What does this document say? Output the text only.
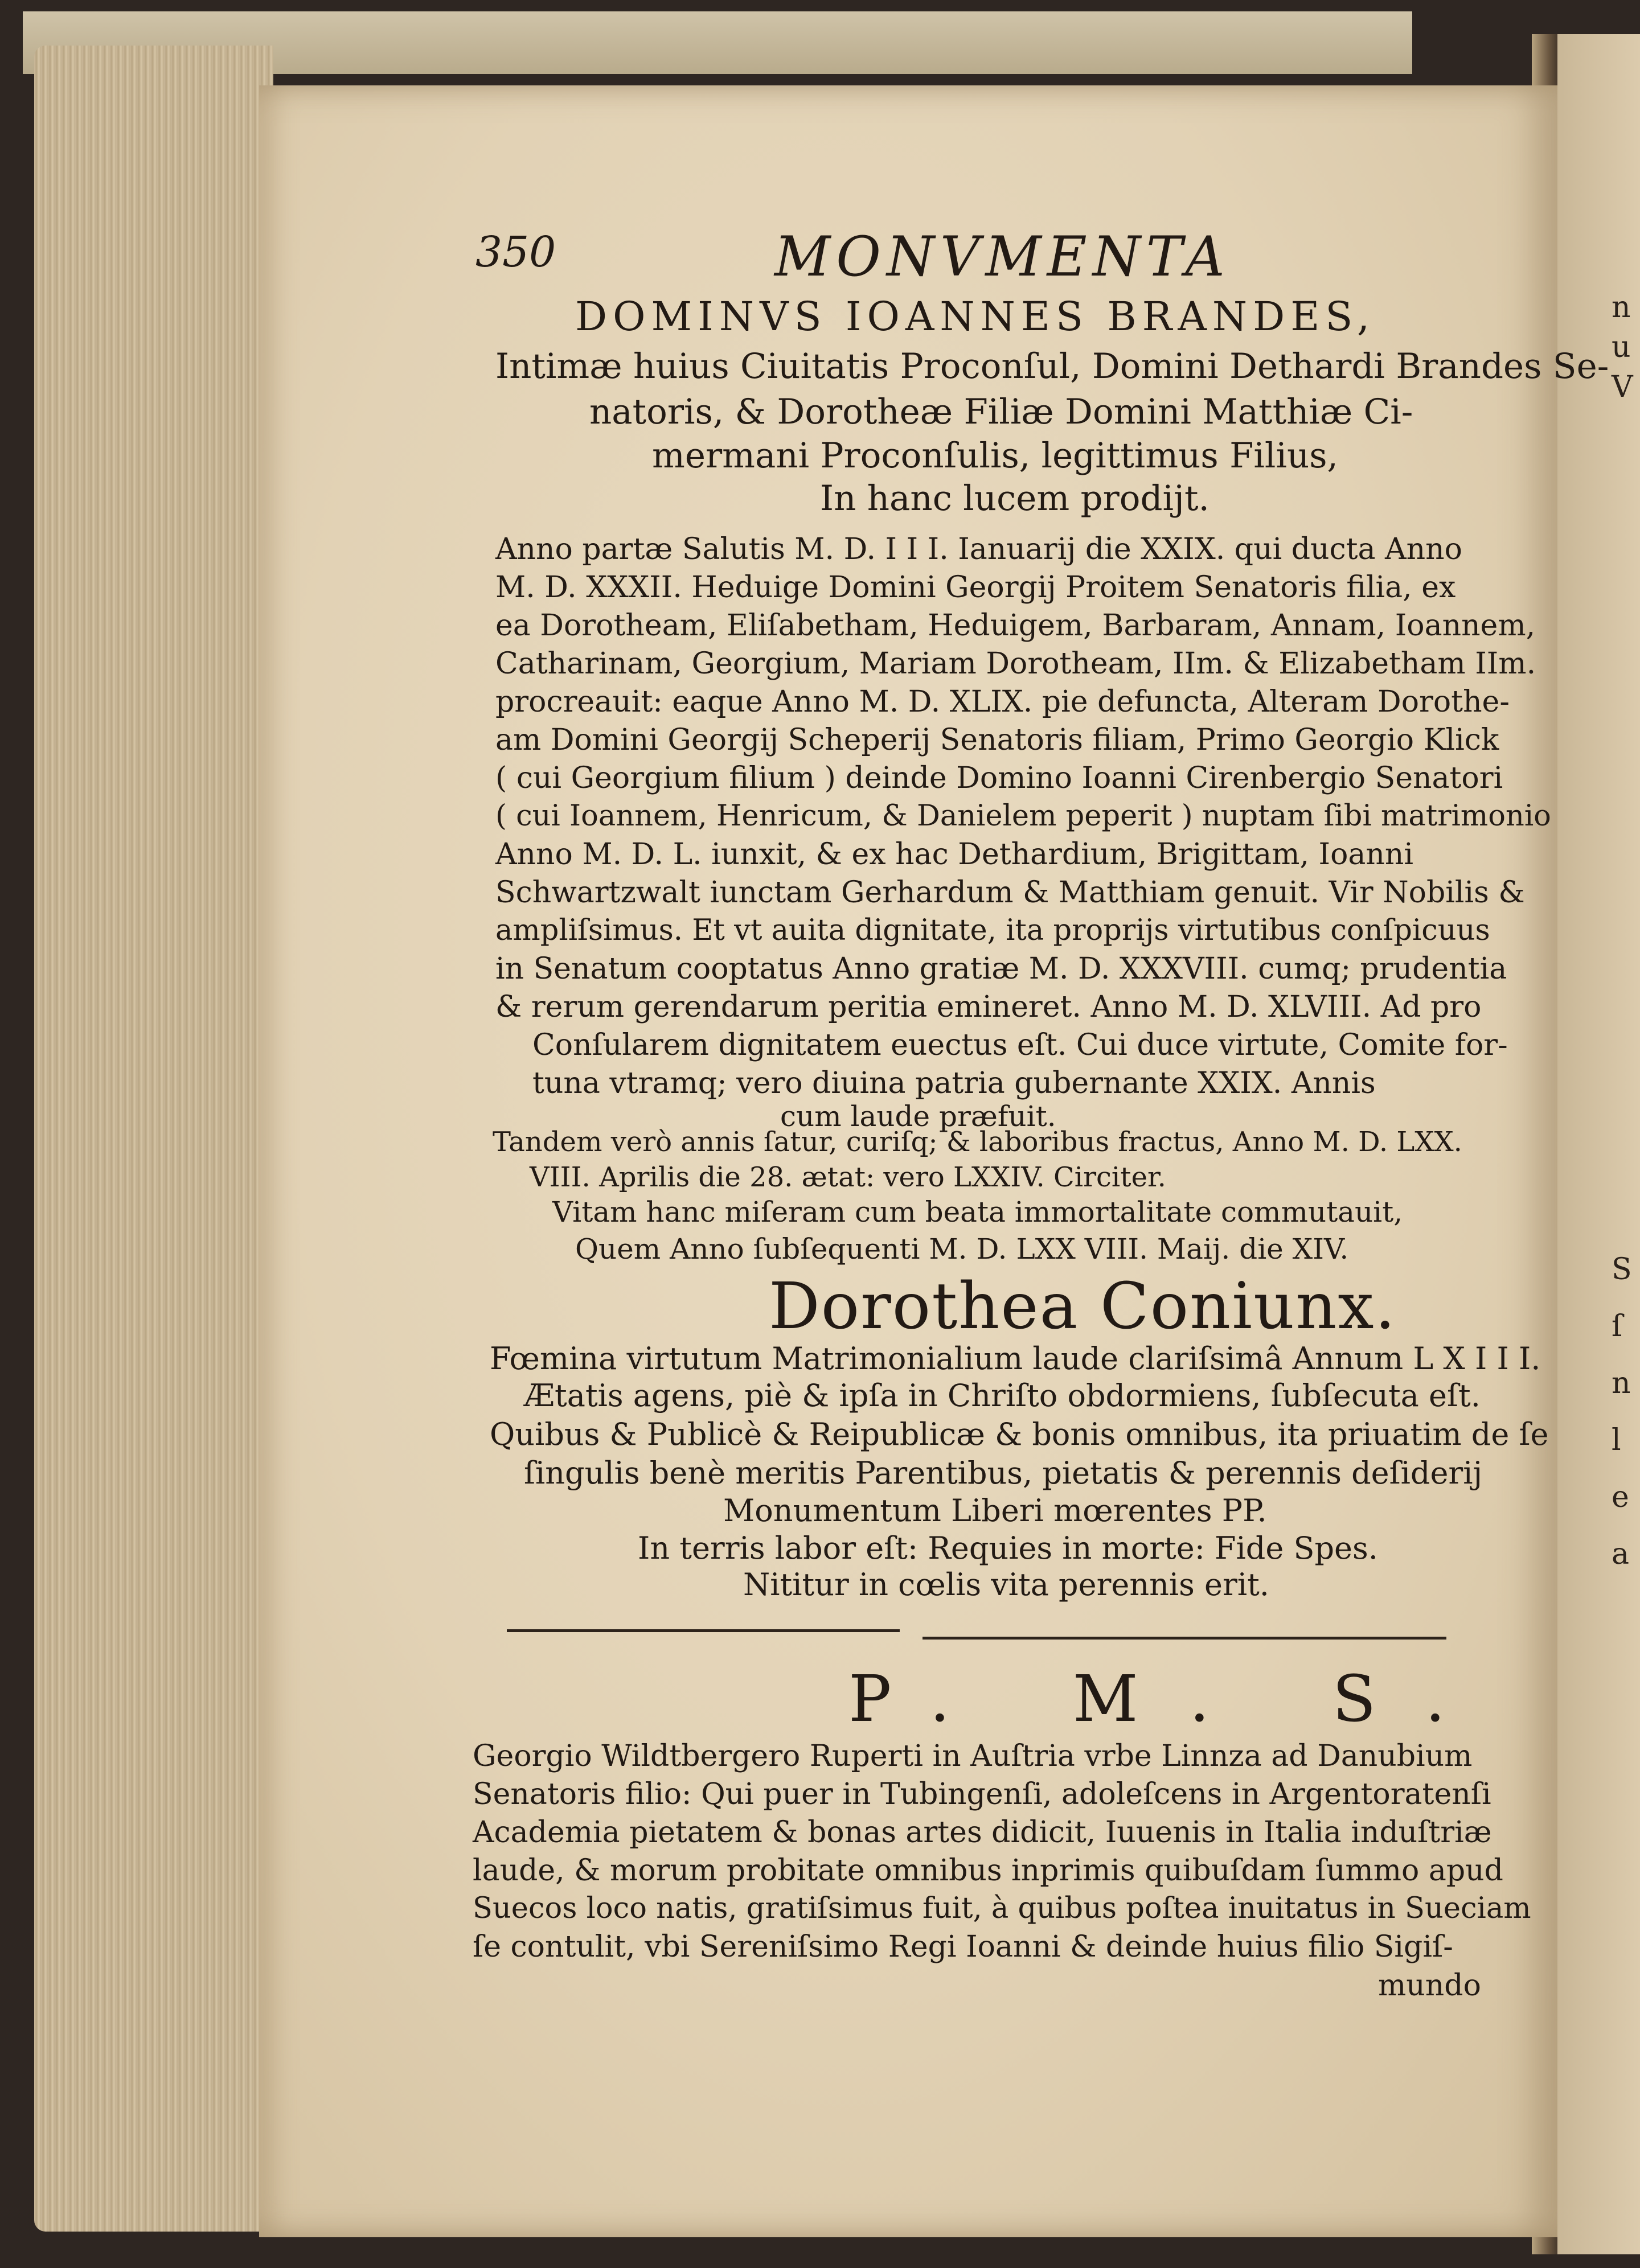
n
u
V
S
ſ
n
l
e
a
350	MONVMENTA
DOMINVS IOANNES BRANDES,
Intimæ huius Ciuitatis Proconſul, Domini Dethardi Brandes Se-
natoris, & Dorotheæ Filiæ Domini Matthiæ Ci-
mermani Proconſulis, legittimus Filius,
In hanc lucem prodijt.
Anno partæ Salutis M. D. I I I. Ianuarij die XXIX. qui ducta Anno
M. D. XXXII. Heduige Domini Georgij Proitem Senatoris filia, ex
ea Dorotheam, Eliſabetham, Heduigem, Barbaram, Annam, Ioannem,
Catharinam, Georgium, Mariam Dorotheam, IIm. & Elizabetham IIm.
procreauit: eaque Anno M. D. XLIX. pie defuncta, Alteram Dorothe-
am Domini Georgij Scheperij Senatoris filiam, Primo Georgio Klick
( cui Georgium filium ) deinde Domino Ioanni Cirenbergio Senatori
( cui Ioannem, Henricum, & Danielem peperit ) nuptam ſibi matrimonio
Anno M. D. L. iunxit, & ex hac Dethardium, Brigittam, Ioanni
Schwartzwalt iunctam Gerhardum & Matthiam genuit. Vir Nobilis &
ampliſsimus. Et vt auita dignitate, ita proprijs virtutibus conſpicuus
in Senatum cooptatus Anno gratiæ M. D. XXXVIII. cumq; prudentia
& rerum gerendarum peritia emineret. Anno M. D. XLVIII. Ad pro
Conſularem dignitatem euectus eſt. Cui duce virtute, Comite for-
tuna vtramq; vero diuina patria gubernante XXIX. Annis
cum laude præfuit.
Tandem verò annis ſatur, curiſq; & laboribus fractus, Anno M. D. LXX.
VIII. Aprilis die 28. ætat: vero LXXIV. Circiter.
Vitam hanc miſeram cum beata immortalitate commutauit,
Quem Anno ſubſequenti M. D. LXX VIII. Maij. die XIV.
Dorothea Coniunx.
Fœmina virtutum Matrimonialium laude clariſsimâ Annum L X I I I.
Ætatis agens, piè & ipſa in Chriſto obdormiens, ſubſecuta eſt.
Quibus & Publicè & Reipublicæ & bonis omnibus, ita priuatim de ſe
ſingulis benè meritis Parentibus, pietatis & perennis deſiderij
Monumentum Liberi mœrentes PP.
In terris labor eſt: Requies in morte: Fide Spes.
Nititur in cœlis vita perennis erit.
P. M. S.
Georgio Wildtbergero Ruperti in Auſtria vrbe Linnza ad Danubium
Senatoris filio: Qui puer in Tubingenſi, adoleſcens in Argentoratenſi
Academia pietatem & bonas artes didicit, Iuuenis in Italia induſtriæ
laude, & morum probitate omnibus inprimis quibuſdam ſummo apud
Suecos loco natis, gratiſsimus fuit, à quibus poſtea inuitatus in Sueciam
ſe contulit, vbi Sereniſsimo Regi Ioanni & deinde huius filio Sigiſ-
mundo
